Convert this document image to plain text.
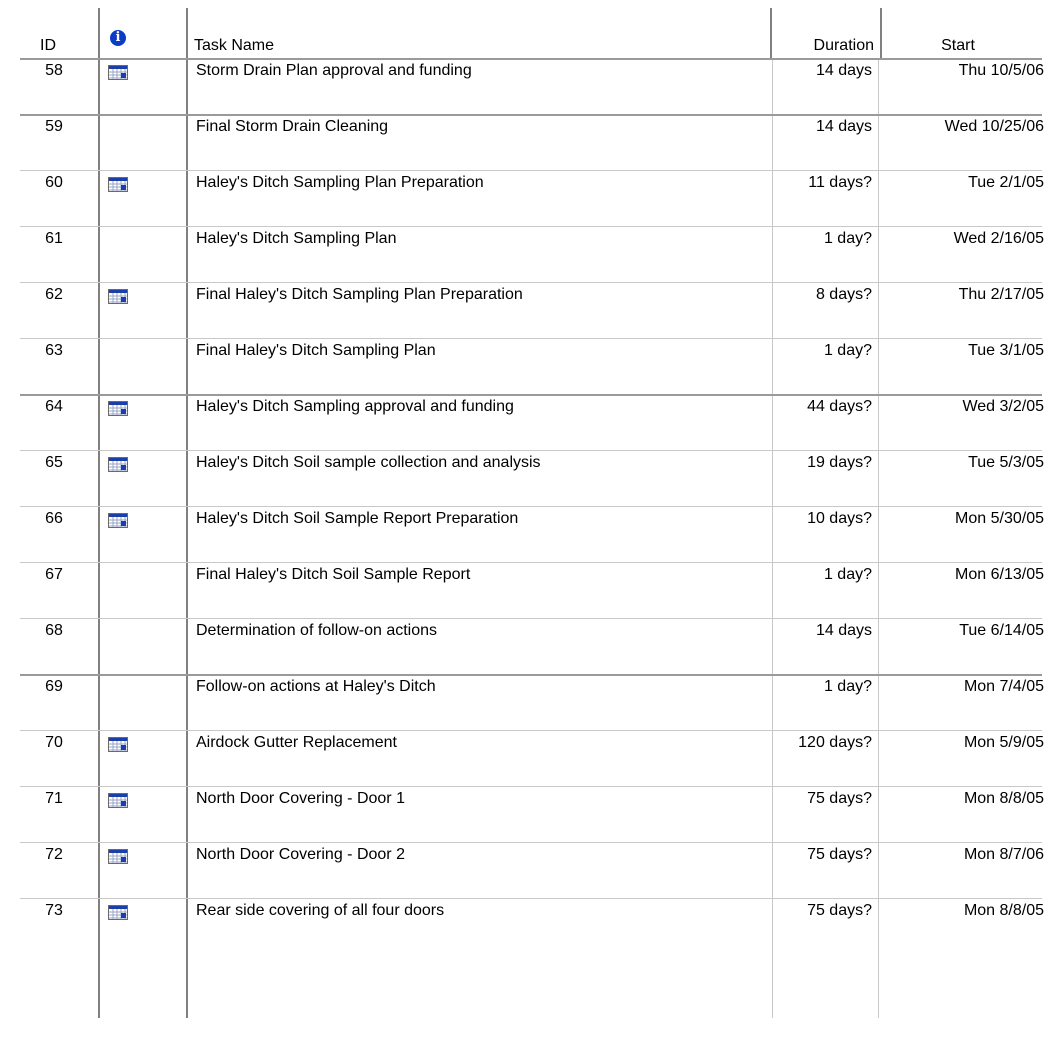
ID	i	Task Name	Duration	Start
58	Storm Drain Plan approval and funding	14 days	Thu 10/5/06
59	Final Storm Drain Cleaning	14 days	Wed 10/25/06
60	Haley's Ditch Sampling Plan Preparation	11 days?	Tue 2/1/05
61	Haley's Ditch Sampling Plan	1 day?	Wed 2/16/05
62	Final Haley's Ditch Sampling Plan Preparation	8 days?	Thu 2/17/05
63	Final Haley's Ditch Sampling Plan	1 day?	Tue 3/1/05
64	Haley's Ditch Sampling approval and funding	44 days?	Wed 3/2/05
65	Haley's Ditch Soil sample collection and analysis	19 days?	Tue 5/3/05
66	Haley's Ditch Soil Sample Report Preparation	10 days?	Mon 5/30/05
67	Final Haley's Ditch Soil Sample Report	1 day?	Mon 6/13/05
68	Determination of follow-on actions	14 days	Tue 6/14/05
69	Follow-on actions at Haley's Ditch	1 day?	Mon 7/4/05
70	Airdock Gutter Replacement	120 days?	Mon 5/9/05
71	North Door Covering - Door 1	75 days?	Mon 8/8/05
72	North Door Covering - Door 2	75 days?	Mon 8/7/06
73	Rear side covering of all four doors	75 days?	Mon 8/8/05
